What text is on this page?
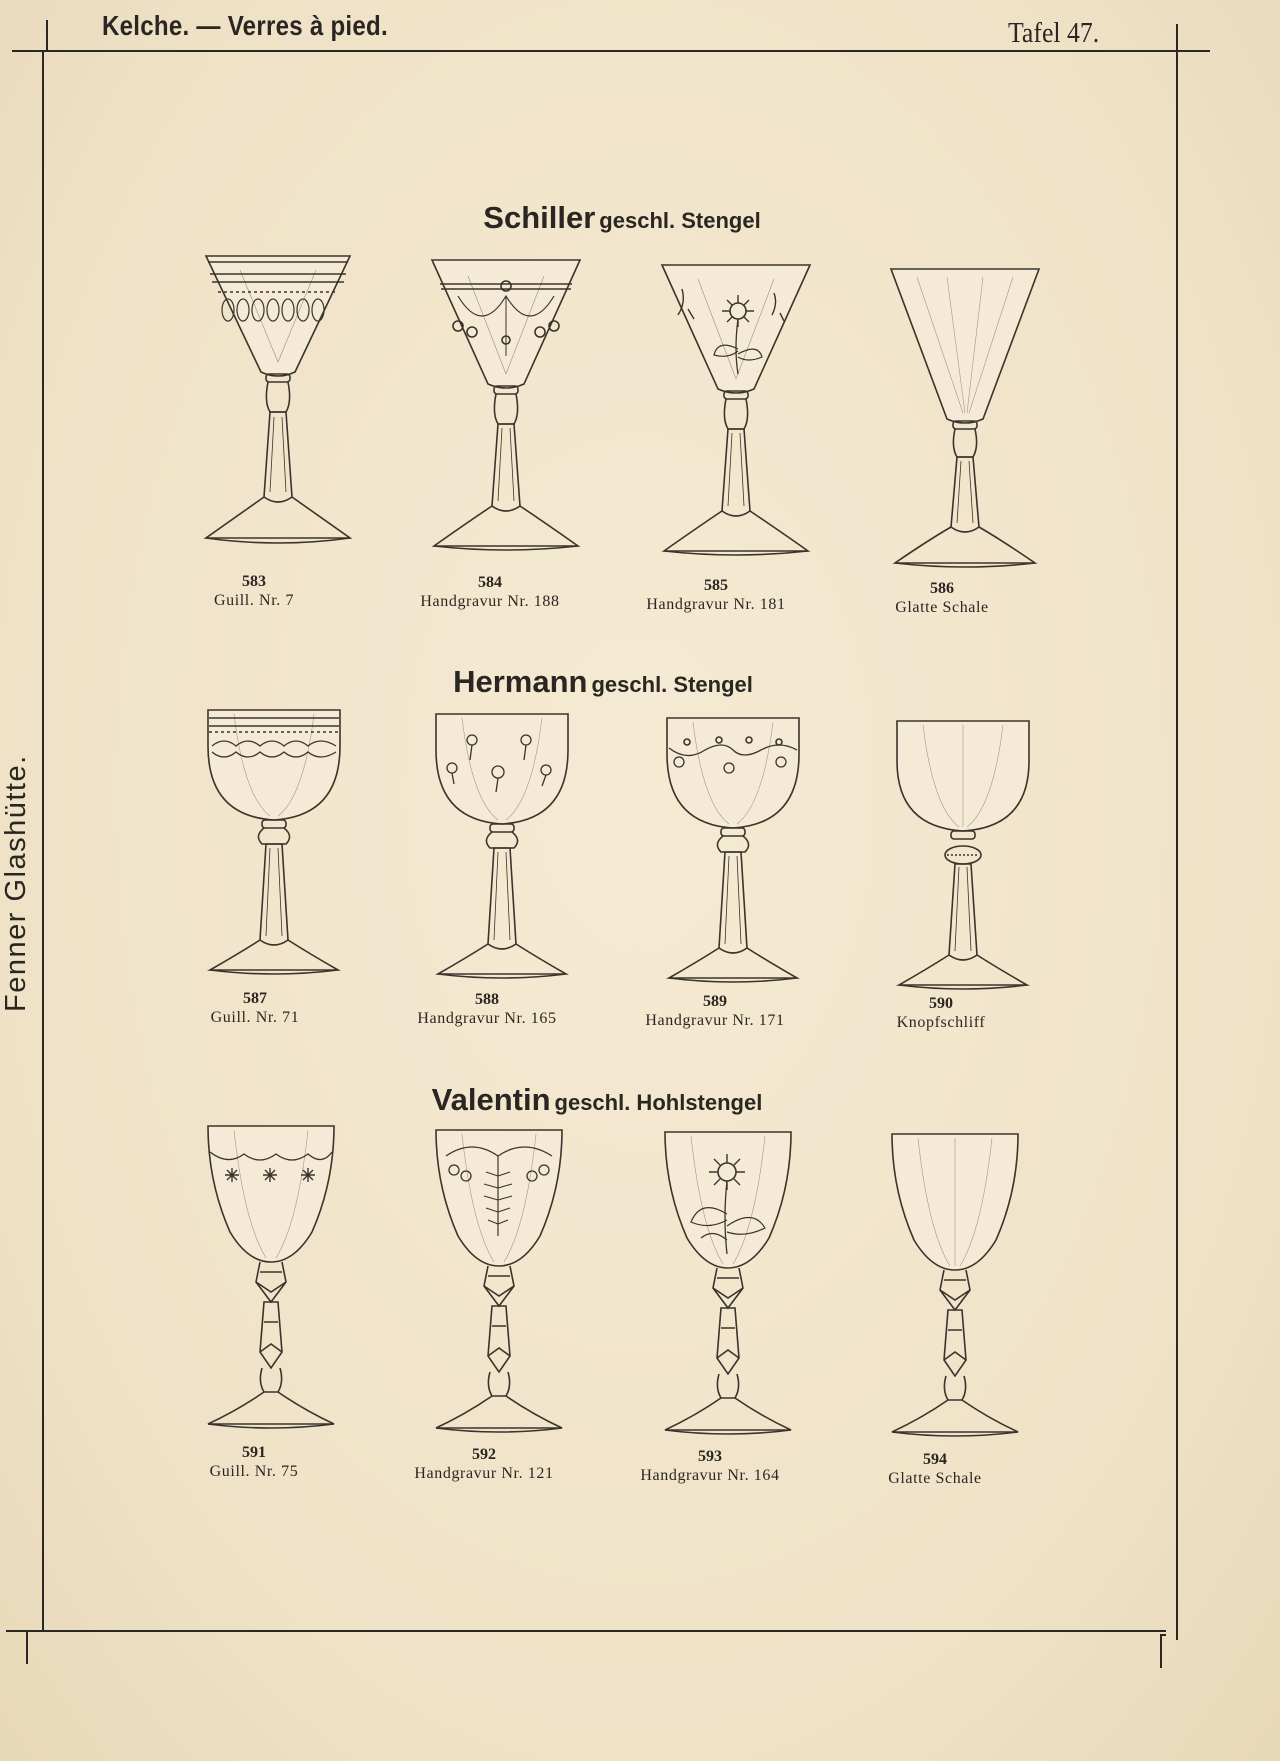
Kelche. — Verres à pied.	Tafel 47.
Fenner Glashütte.
Schiller geschl. Stengel
Hermann geschl. Stengel
Valentin geschl. Hohlstengel
583
Guill. Nr. 7
584
Handgravur Nr. 188
585
Handgravur Nr. 181
586
Glatte Schale
587
Guill. Nr. 71
588
Handgravur Nr. 165
589
Handgravur Nr. 171
590
Knopfschliff
591
Guill. Nr. 75
592
Handgravur Nr. 121
593
Handgravur Nr. 164
594
Glatte Schale
